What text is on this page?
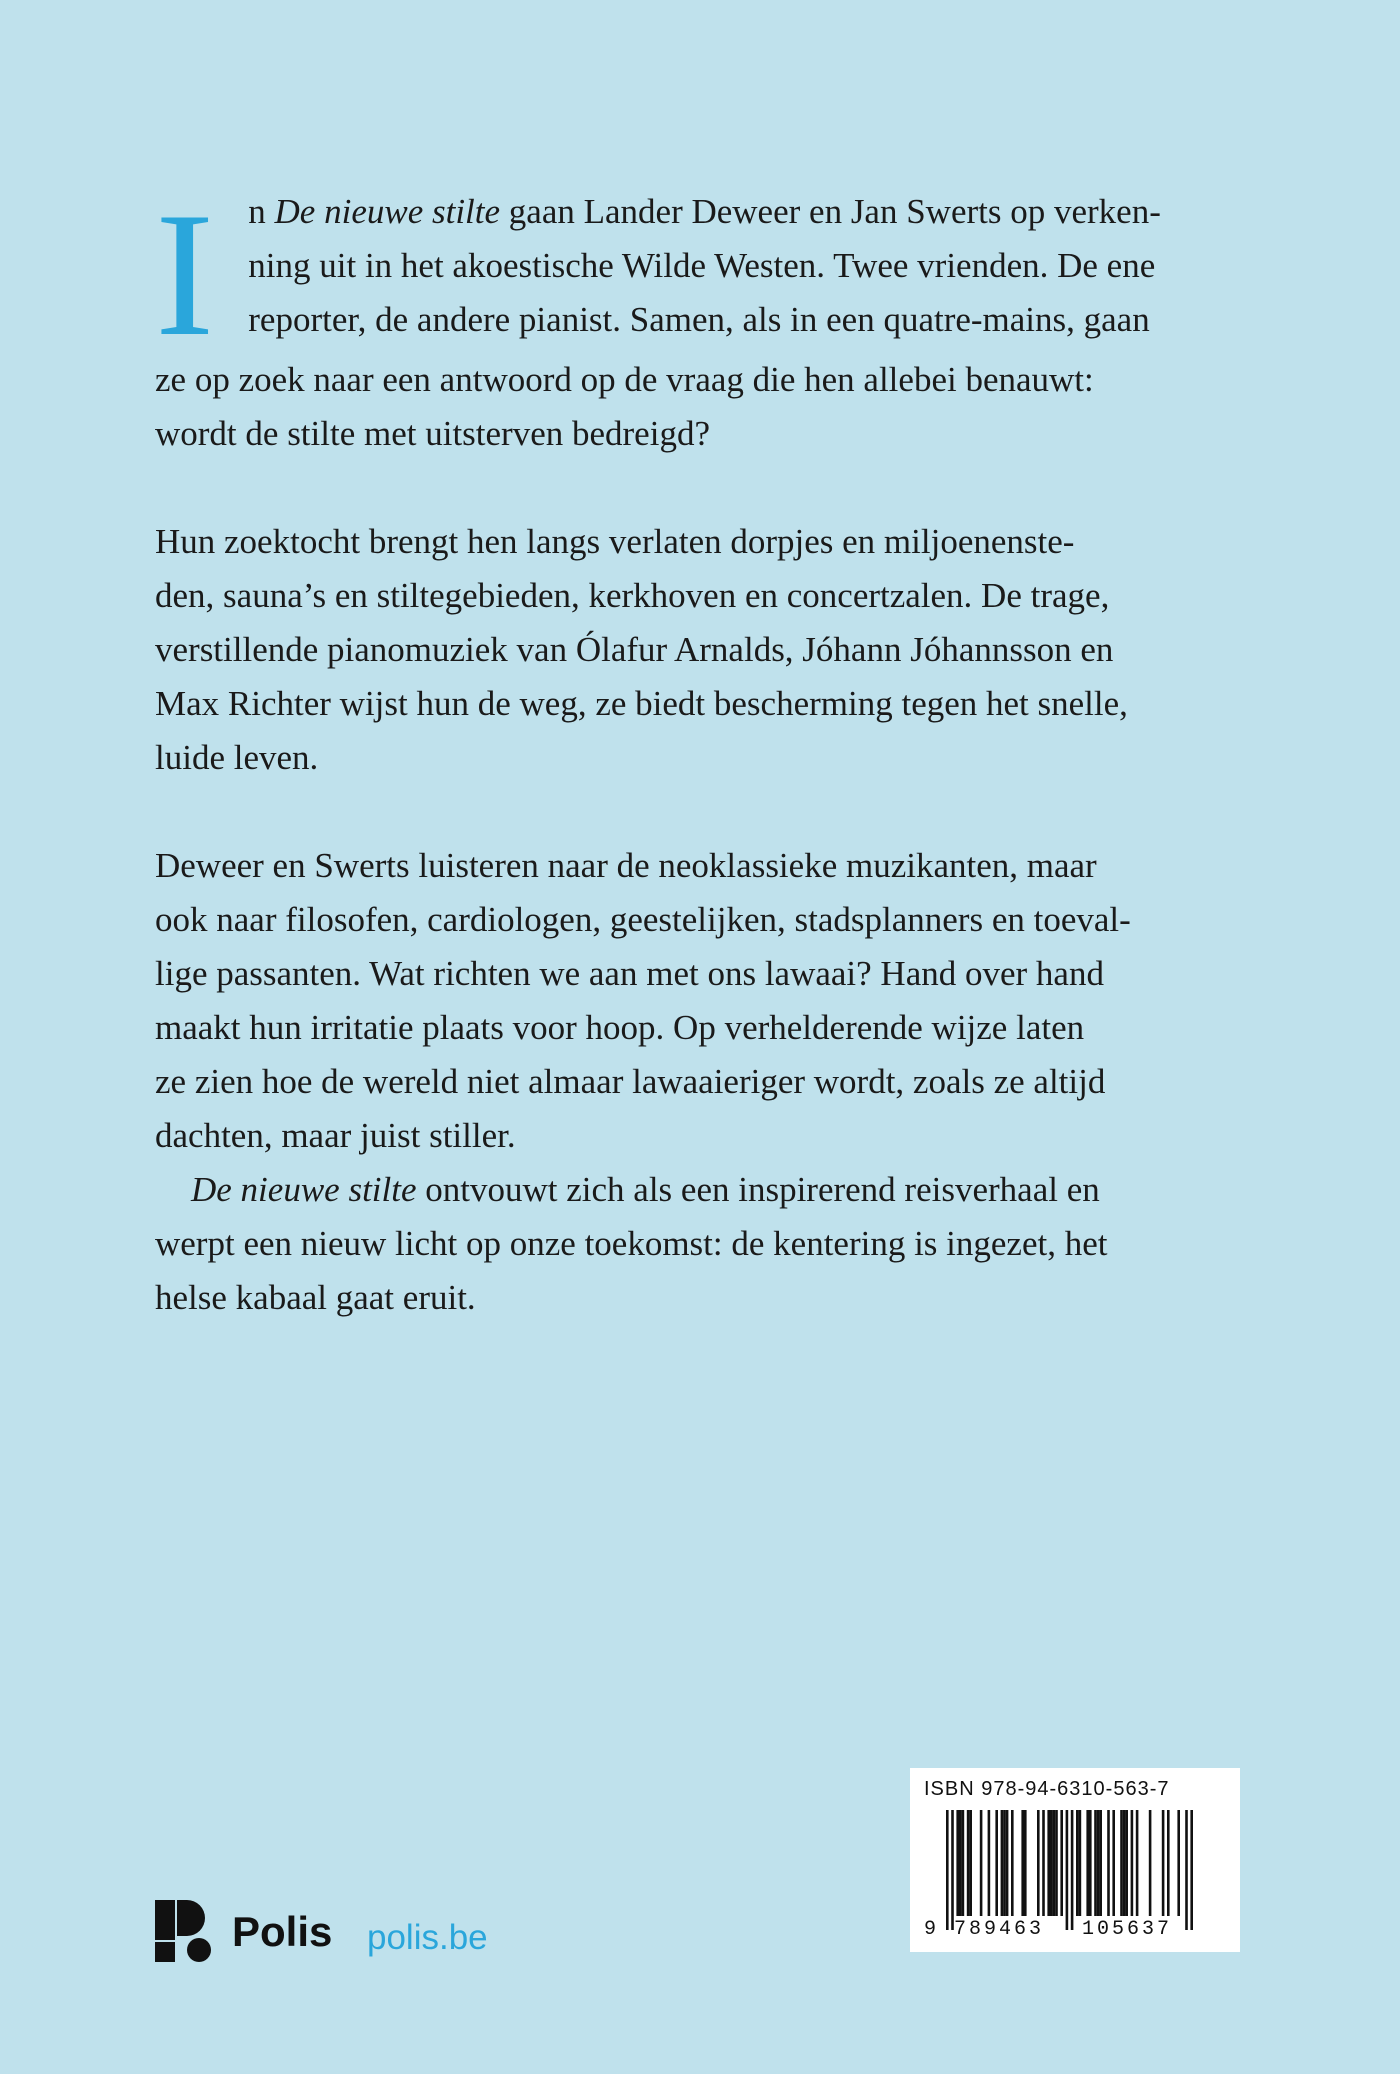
I n De nieuwe stilte gaan Lander Deweer en Jan Swerts op verken-
ning uit in het akoestische Wilde Westen. Twee vrienden. De ene
reporter, de andere pianist. Samen, als in een quatre-mains, gaan
ze op zoek naar een antwoord op de vraag die hen allebei benauwt:
wordt de stilte met uitsterven bedreigd?
Hun zoektocht brengt hen langs verlaten dorpjes en miljoenenste-
den, sauna’s en stiltegebieden, kerkhoven en concertzalen. De trage,
verstillende pianomuziek van Ólafur Arnalds, Jóhann Jóhannsson en
Max Richter wijst hun de weg, ze biedt bescherming tegen het snelle,
luide leven.
Deweer en Swerts luisteren naar de neoklassieke muzikanten, maar
ook naar filosofen, cardiologen, geestelijken, stadsplanners en toeval-
lige passanten. Wat richten we aan met ons lawaai? Hand over hand
maakt hun irritatie plaats voor hoop. Op verhelderende wijze laten
ze zien hoe de wereld niet almaar lawaaieriger wordt, zoals ze altijd
dachten, maar juist stiller.
De nieuwe stilte ontvouwt zich als een inspirerend reisverhaal en
werpt een nieuw licht op onze toekomst: de kentering is ingezet, het
helse kabaal gaat eruit.
Polis polis.be
ISBN 978-94-6310-563-7
9 789463 105637
